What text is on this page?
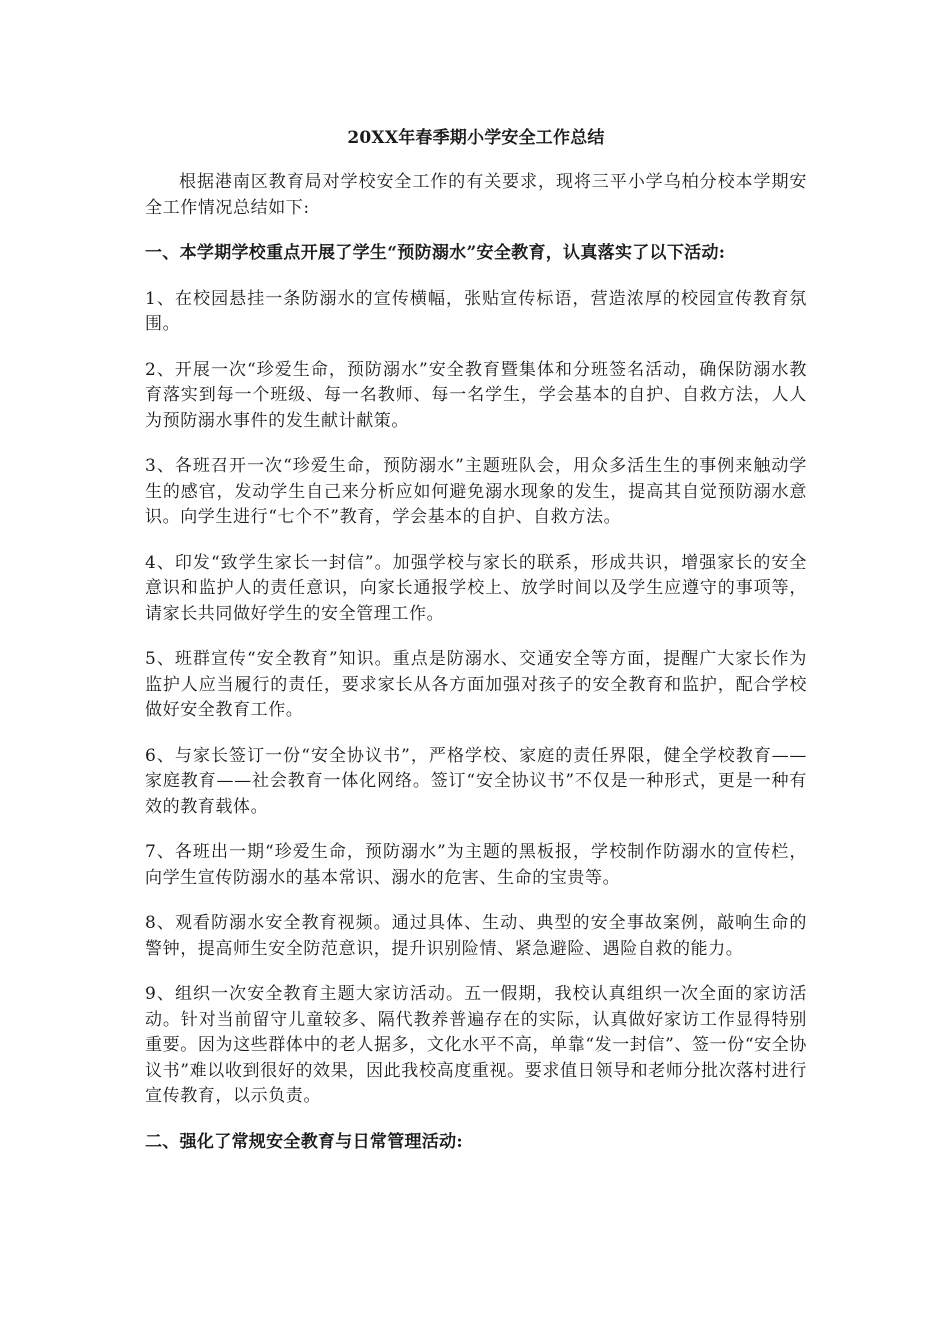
20XX年春季期小学安全工作总结

根据港南区教育局对学校安全工作的有关要求，现将三平小学乌柏分校本学期安全工作情况总结如下:

一、本学期学校重点开展了学生“预防溺水”安全教育，认真落实了以下活动:

1、在校园悬挂一条防溺水的宣传横幅，张贴宣传标语，营造浓厚的校园宣传教育氛围。

2、开展一次“珍爱生命，预防溺水”安全教育暨集体和分班签名活动，确保防溺水教育落实到每一个班级、每一名教师、每一名学生，学会基本的自护、自救方法，人人为预防溺水事件的发生献计献策。

3、各班召开一次“珍爱生命，预防溺水”主题班队会，用众多活生生的事例来触动学生的感官，发动学生自己来分析应如何避免溺水现象的发生，提高其自觉预防溺水意识。向学生进行“七个不”教育，学会基本的自护、自救方法。

4、印发“致学生家长一封信”。加强学校与家长的联系，形成共识，增强家长的安全意识和监护人的责任意识，向家长通报学校上、放学时间以及学生应遵守的事项等，请家长共同做好学生的安全管理工作。

5、班群宣传“安全教育”知识。重点是防溺水、交通安全等方面，提醒广大家长作为监护人应当履行的责任，要求家长从各方面加强对孩子的安全教育和监护，配合学校做好安全教育工作。

6、与家长签订一份“安全协议书”，严格学校、家庭的责任界限，健全学校教育——家庭教育——社会教育一体化网络。签订“安全协议书”不仅是一种形式，更是一种有效的教育载体。

7、各班出一期“珍爱生命，预防溺水”为主题的黑板报，学校制作防溺水的宣传栏，向学生宣传防溺水的基本常识、溺水的危害、生命的宝贵等。

8、观看防溺水安全教育视频。通过具体、生动、典型的安全事故案例，敲响生命的警钟，提高师生安全防范意识，提升识别险情、紧急避险、遇险自救的能力。

9、组织一次安全教育主题大家访活动。五一假期，我校认真组织一次全面的家访活动。针对当前留守儿童较多、隔代教养普遍存在的实际，认真做好家访工作显得特别重要。因为这些群体中的老人据多，文化水平不高，单靠“发一封信”、签一份“安全协议书”难以收到很好的效果，因此我校高度重视。要求值日领导和老师分批次落村进行宣传教育，以示负责。

二、强化了常规安全教育与日常管理活动:
